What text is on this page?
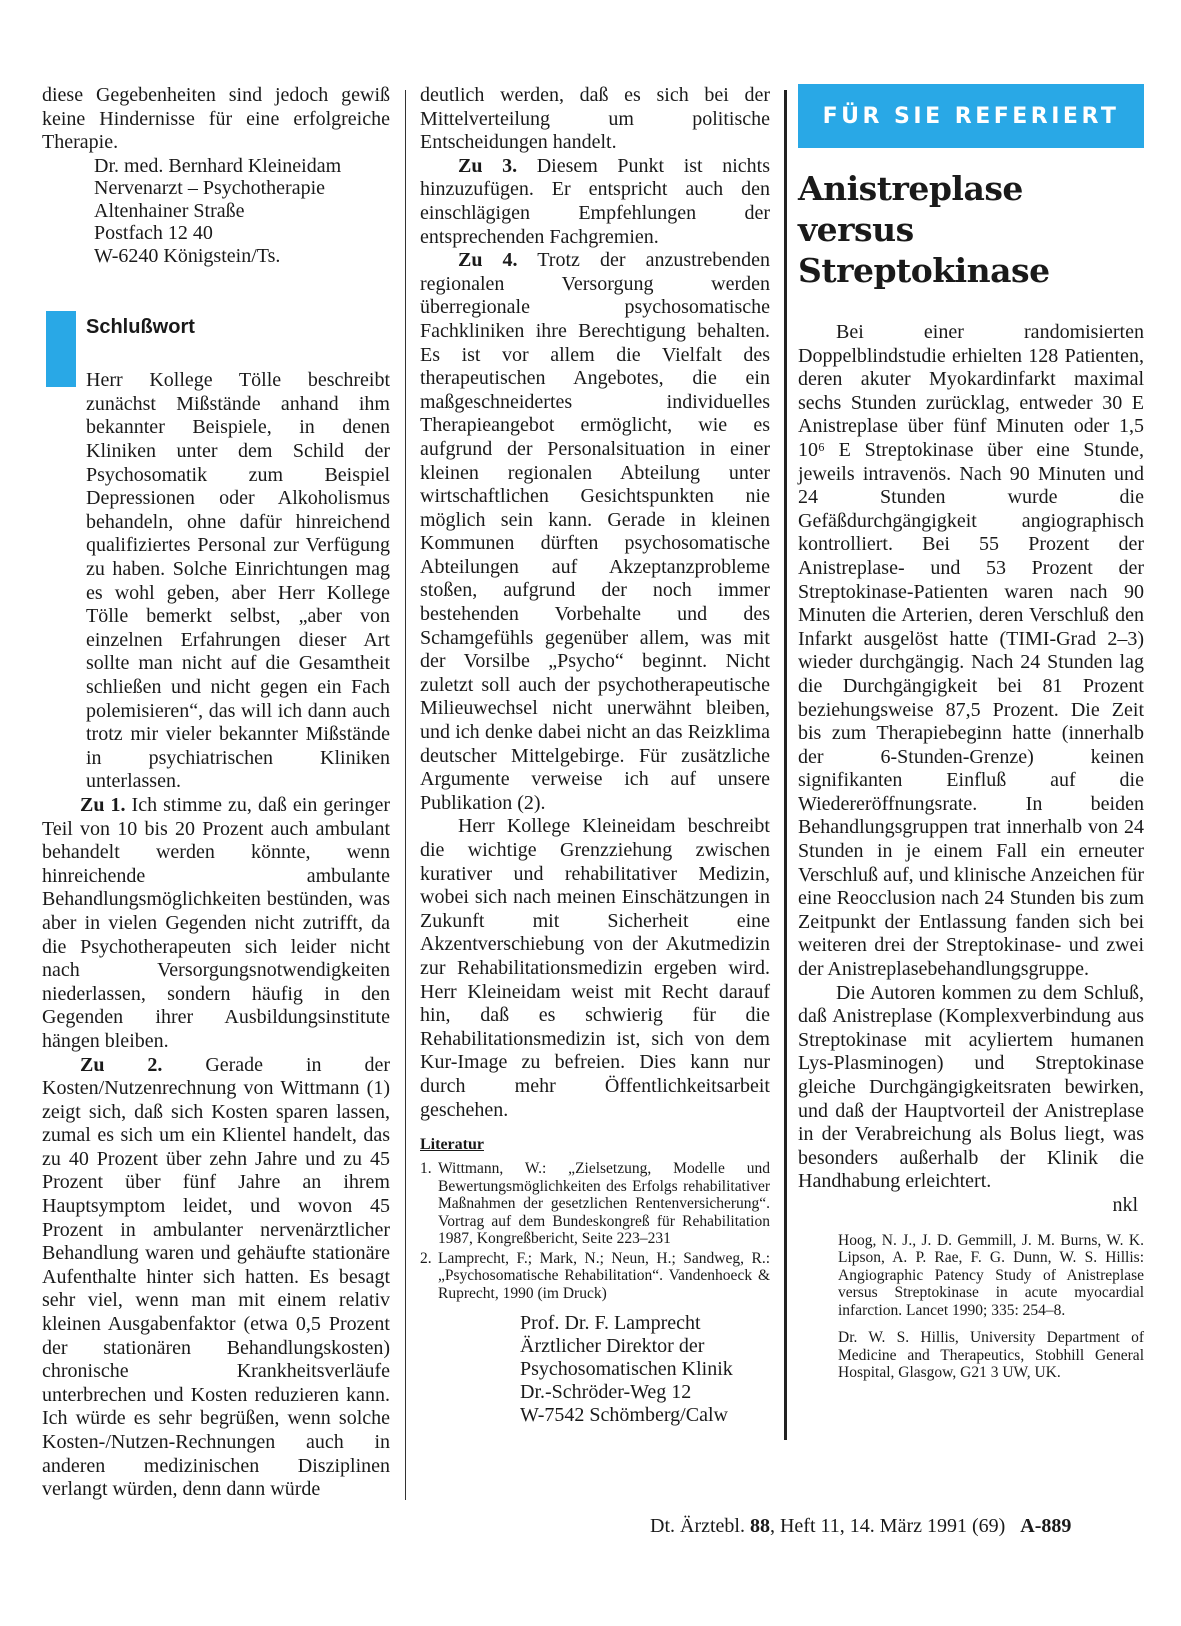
diese Gegebenheiten sind jedoch gewiß keine Hindernisse für eine erfolgreiche Therapie.

Dr. med. Bernhard Kleineidam

Nervenarzt – Psychotherapie

Altenhainer Straße

Postfach 12 40

W-6240 Königstein/Ts.

Schlußwort

Herr Kollege Tölle beschreibt zunächst Mißstände anhand ihm bekannter Beispiele, in denen Kliniken unter dem Schild der Psychosomatik zum Beispiel Depressionen oder Alkoholismus behandeln, ohne dafür hinreichend qualifiziertes Personal zur Verfügung zu haben. Solche Einrichtungen mag es wohl geben, aber Herr Kollege Tölle bemerkt selbst, „aber von einzelnen Erfahrungen dieser Art sollte man nicht auf die Gesamtheit schließen und nicht gegen ein Fach polemisieren“, das will ich dann auch trotz mir vieler bekannter Mißstände in psychiatrischen Kliniken unterlassen.

Zu 1. Ich stimme zu, daß ein geringer Teil von 10 bis 20 Prozent auch ambulant behandelt werden könnte, wenn hinreichende ambulante Behandlungsmöglichkeiten bestünden, was aber in vielen Gegenden nicht zutrifft, da die Psychotherapeuten sich leider nicht nach Versorgungsnotwendigkeiten niederlassen, sondern häufig in den Gegenden ihrer Ausbildungsinstitute hängen bleiben.

Zu 2. Gerade in der Kosten/Nutzenrechnung von Wittmann (1) zeigt sich, daß sich Kosten sparen lassen, zumal es sich um ein Klientel handelt, das zu 40 Prozent über zehn Jahre und zu 45 Prozent über fünf Jahre an ihrem Hauptsymptom leidet, und wovon 45 Prozent in ambulanter nervenärztlicher Behandlung waren und gehäufte stationäre Aufenthalte hinter sich hatten. Es besagt sehr viel, wenn man mit einem relativ kleinen Ausgabenfaktor (etwa 0,5 Prozent der stationären Behandlungskosten) chronische Krankheitsverläufe unterbrechen und Kosten reduzieren kann. Ich würde es sehr begrüßen, wenn solche Kosten-/Nutzen-Rechnungen auch in anderen medizinischen Disziplinen verlangt würden, denn dann würde

deutlich werden, daß es sich bei der Mittelverteilung um politische Entscheidungen handelt.

Zu 3. Diesem Punkt ist nichts hinzuzufügen. Er entspricht auch den einschlägigen Empfehlungen der entsprechenden Fachgremien.

Zu 4. Trotz der anzustrebenden regionalen Versorgung werden überregionale psychosomatische Fachkliniken ihre Berechtigung behalten. Es ist vor allem die Vielfalt des therapeutischen Angebotes, die ein maßgeschneidertes individuelles Therapieangebot ermöglicht, wie es aufgrund der Personalsituation in einer kleinen regionalen Abteilung unter wirtschaftlichen Gesichtspunkten nie möglich sein kann. Gerade in kleinen Kommunen dürften psychosomatische Abteilungen auf Akzeptanzprobleme stoßen, aufgrund der noch immer bestehenden Vorbehalte und des Schamgefühls gegenüber allem, was mit der Vorsilbe „Psycho“ beginnt. Nicht zuletzt soll auch der psychotherapeutische Milieuwechsel nicht unerwähnt bleiben, und ich denke dabei nicht an das Reizklima deutscher Mittelgebirge. Für zusätzliche Argumente verweise ich auf unsere Publikation (2).

Herr Kollege Kleineidam beschreibt die wichtige Grenzziehung zwischen kurativer und rehabilitativer Medizin, wobei sich nach meinen Einschätzungen in Zukunft mit Sicherheit eine Akzentverschiebung von der Akutmedizin zur Rehabilitationsmedizin ergeben wird. Herr Kleineidam weist mit Recht darauf hin, daß es schwierig für die Rehabilitationsmedizin ist, sich von dem Kur-Image zu befreien. Dies kann nur durch mehr Öffentlichkeitsarbeit geschehen.

Literatur
1. Wittmann, W.: „Zielsetzung, Modelle und Bewertungsmöglichkeiten des Erfolgs rehabilitativer Maßnahmen der gesetzlichen Rentenversicherung“. Vortrag auf dem Bundeskongreß für Rehabilitation 1987, Kongreßbericht, Seite 223–231
2. Lamprecht, F.; Mark, N.; Neun, H.; Sandweg, R.: „Psychosomatische Rehabilitation“. Vandenhoeck & Ruprecht, 1990 (im Druck)
Prof. Dr. F. Lamprecht
Ärztlicher Direktor der
Psychosomatischen Klinik
Dr.-Schröder-Weg 12
W-7542 Schömberg/Calw
FÜR SIE REFERIERT
Anistreplase
versus
Streptokinase

Bei einer randomisierten Doppelblindstudie erhielten 128 Patienten, deren akuter Myokardinfarkt maximal sechs Stunden zurücklag, entweder 30 E Anistreplase über fünf Minuten oder 1,5 10⁶ E Streptokinase über eine Stunde, jeweils intravenös. Nach 90 Minuten und 24 Stunden wurde die Gefäßdurchgängigkeit angiographisch kontrolliert. Bei 55 Prozent der Anistreplase- und 53 Prozent der Streptokinase-Patienten waren nach 90 Minuten die Arterien, deren Verschluß den Infarkt ausgelöst hatte (TIMI-Grad 2–3) wieder durchgängig. Nach 24 Stunden lag die Durchgängigkeit bei 81 Prozent beziehungsweise 87,5 Prozent. Die Zeit bis zum Therapiebeginn hatte (innerhalb der 6-Stunden-Grenze) keinen signifikanten Einfluß auf die Wiedereröffnungsrate. In beiden Behandlungsgruppen trat innerhalb von 24 Stunden in je einem Fall ein erneuter Verschluß auf, und klinische Anzeichen für eine Reocclusion nach 24 Stunden bis zum Zeitpunkt der Entlassung fanden sich bei weiteren drei der Streptokinase- und zwei der Anistreplasebehandlungsgruppe.

Die Autoren kommen zu dem Schluß, daß Anistreplase (Komplexverbindung aus Streptokinase mit acyliertem humanen Lys-Plasminogen) und Streptokinase gleiche Durchgängigkeitsraten bewirken, und daß der Hauptvorteil der Anistreplase in der Verabreichung als Bolus liegt, was besonders außerhalb der Klinik die Handhabung erleichtert.

nkl

Hoog, N. J., J. D. Gemmill, J. M. Burns, W. K. Lipson, A. P. Rae, F. G. Dunn, W. S. Hillis: Angiographic Patency Study of Anistreplase versus Streptokinase in acute myocardial infarction. Lancet 1990; 335: 254–8.

Dr. W. S. Hillis, University Department of Medicine and Therapeutics, Stobhill General Hospital, Glasgow, G21 3 UW, UK.

Dt. Ärztebl. 88, Heft 11, 14. März 1991 (69) A-889
